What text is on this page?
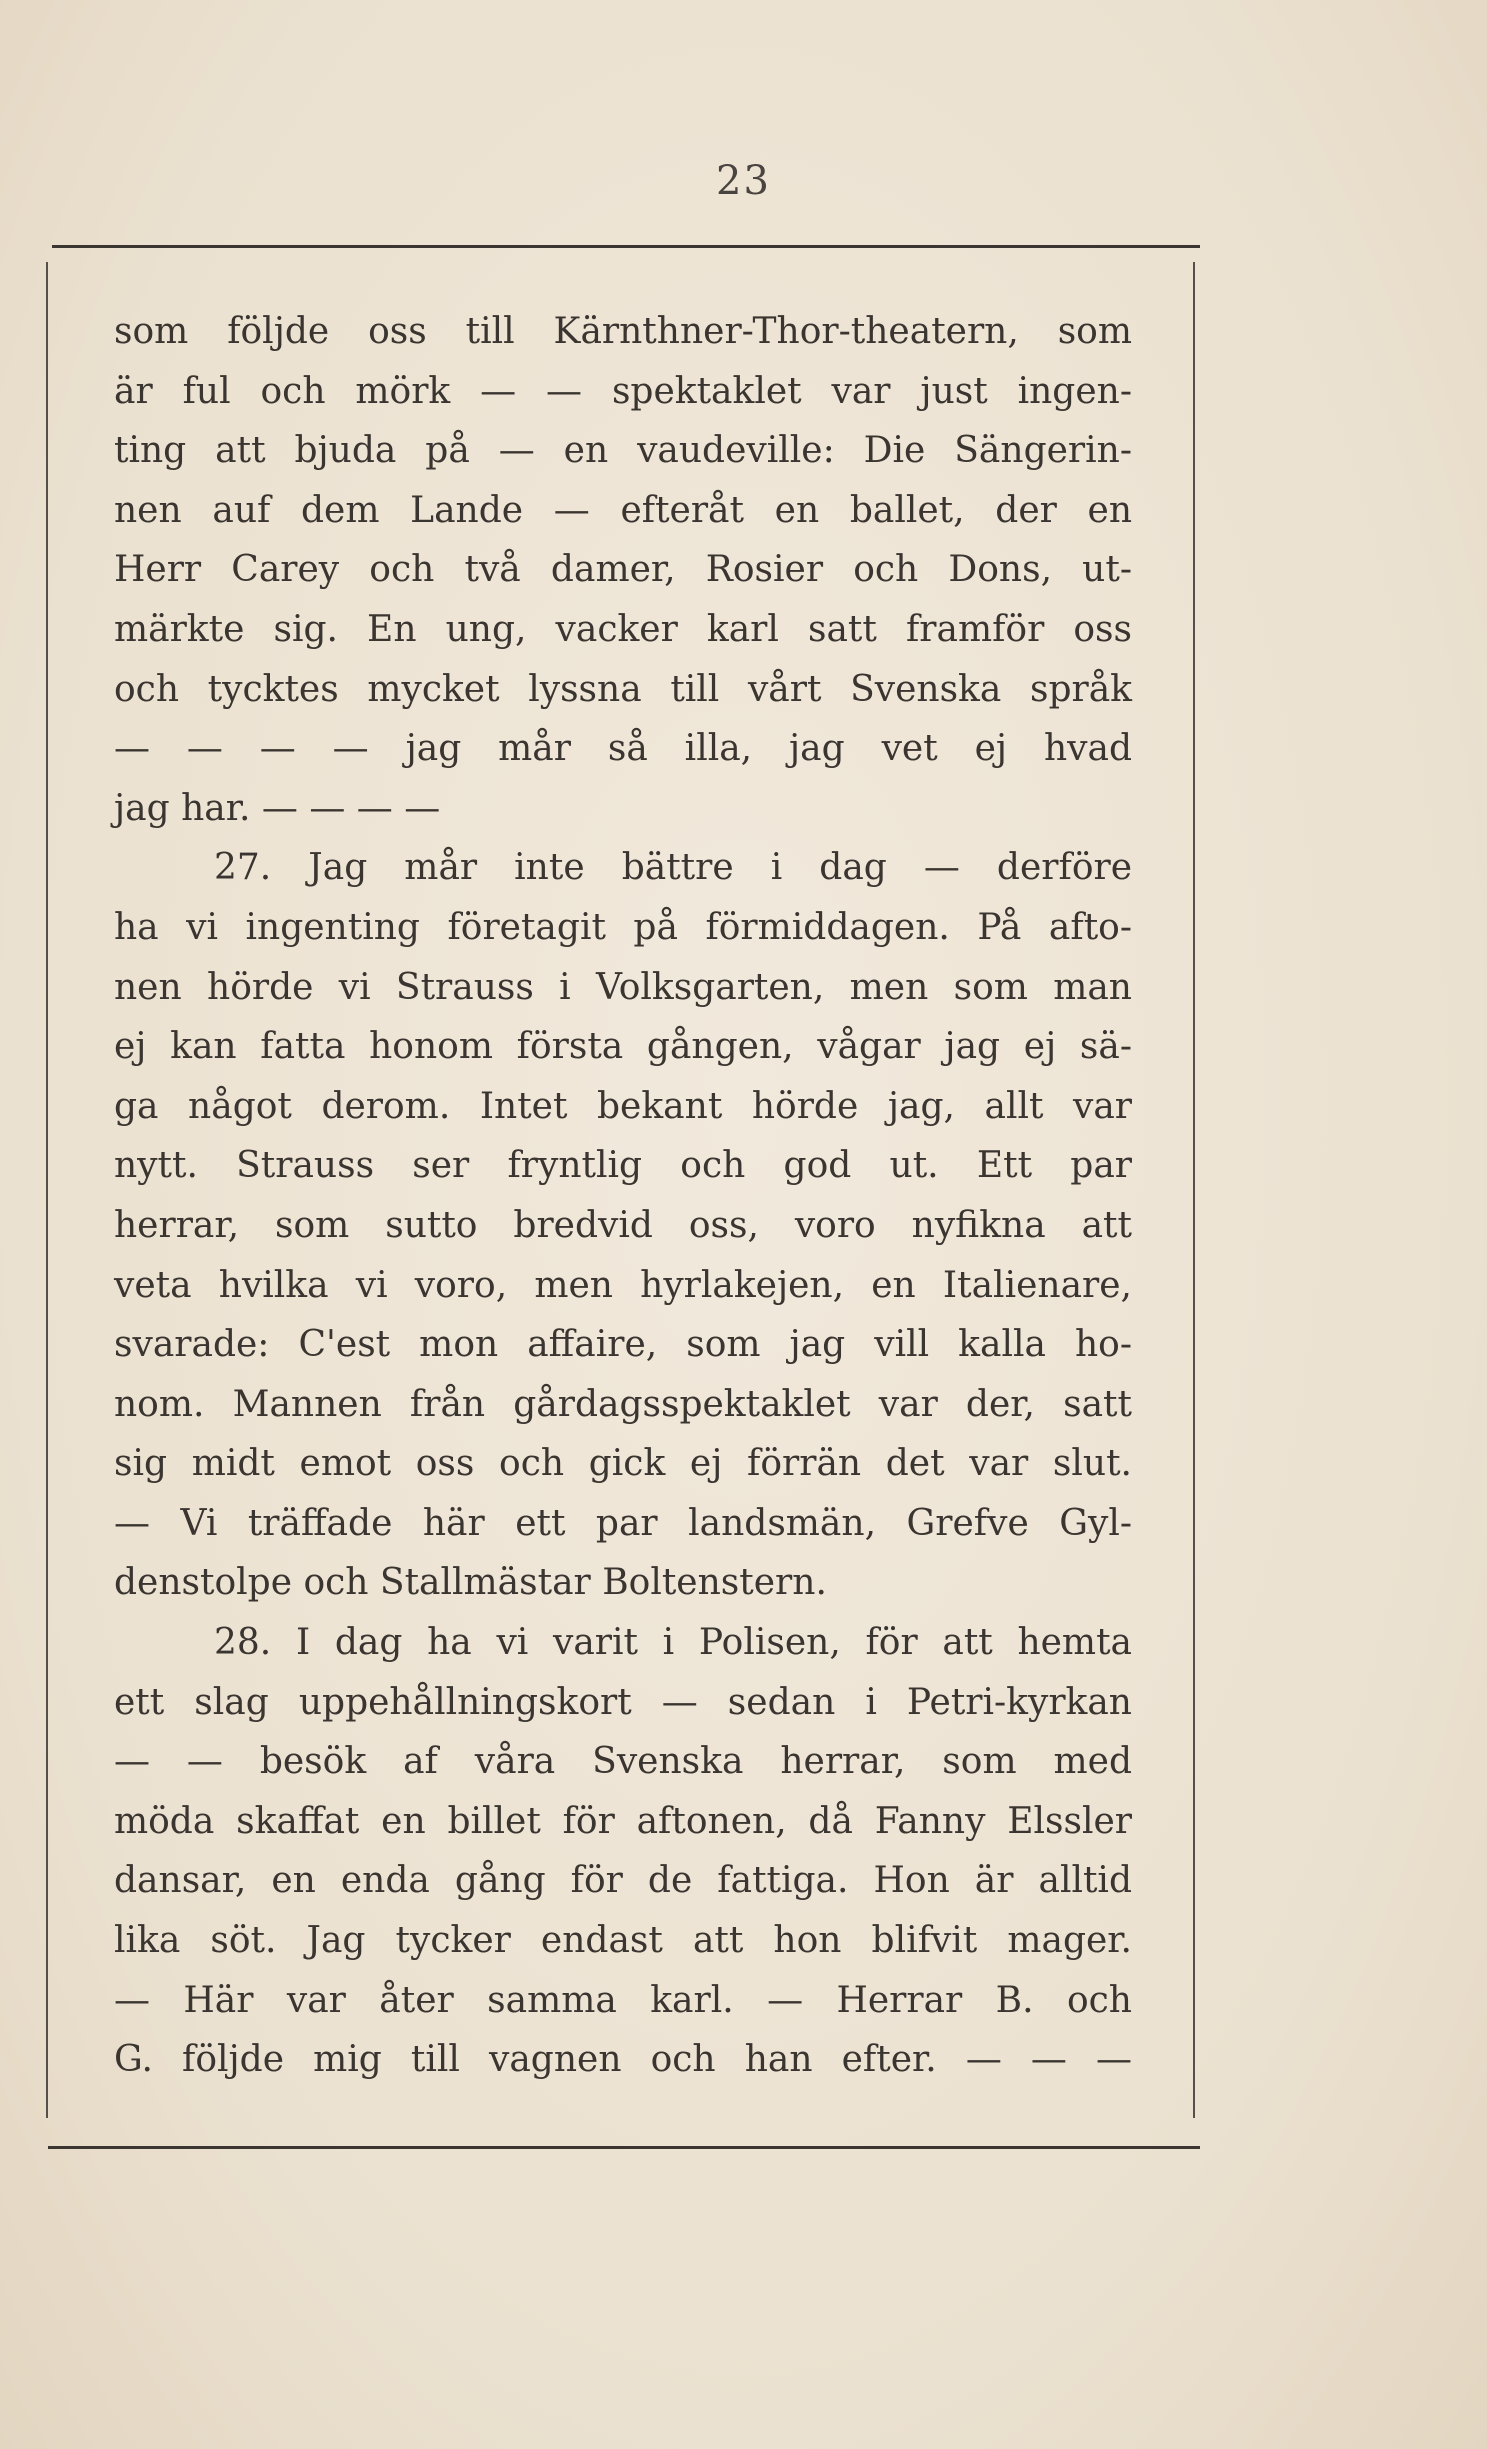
23
som följde oss till Kärnthner-Thor-theatern, som
är ful och mörk — — spektaklet var just ingen-
ting att bjuda på — en vaudeville: Die Sängerin-
nen auf dem Lande — efteråt en ballet, der en
Herr Carey och två damer, Rosier och Dons, ut-
märkte sig. En ung, vacker karl satt framför oss
och tycktes mycket lyssna till vårt Svenska språk
— — — — jag mår så illa, jag vet ej hvad
jag har. — — — —
27. Jag mår inte bättre i dag — derföre
ha vi ingenting företagit på förmiddagen. På afto-
nen hörde vi Strauss i Volksgarten, men som man
ej kan fatta honom första gången, vågar jag ej sä-
ga något derom. Intet bekant hörde jag, allt var
nytt. Strauss ser fryntlig och god ut. Ett par
herrar, som sutto bredvid oss, voro nyfikna att
veta hvilka vi voro, men hyrlakejen, en Italienare,
svarade: C'est mon affaire, som jag vill kalla ho-
nom. Mannen från gårdagsspektaklet var der, satt
sig midt emot oss och gick ej förrän det var slut.
— Vi träffade här ett par landsmän, Grefve Gyl-
denstolpe och Stallmästar Boltenstern.
28. I dag ha vi varit i Polisen, för att hemta
ett slag uppehållningskort — sedan i Petri-kyrkan
— — besök af våra Svenska herrar, som med
möda skaffat en billet för aftonen, då Fanny Elssler
dansar, en enda gång för de fattiga. Hon är alltid
lika söt. Jag tycker endast att hon blifvit mager.
— Här var åter samma karl. — Herrar B. och
G. följde mig till vagnen och han efter. — — —
